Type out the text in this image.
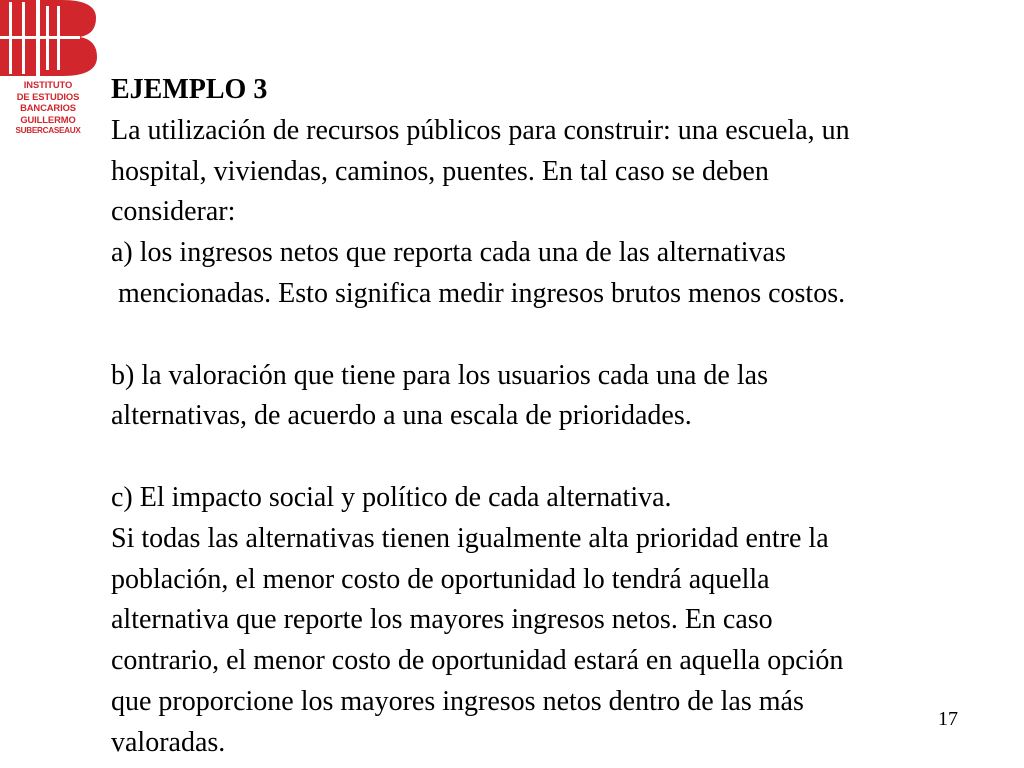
INSTITUTO
DE ESTUDIOS
BANCARIOS
GUILLERMO
SUBERCASEAUX
EJEMPLO 3
La utilización de recursos públicos para construir: una escuela, un
hospital, viviendas, caminos, puentes. En tal caso se deben
considerar:
a) los ingresos netos que reporta cada una de las alternativas
mencionadas. Esto significa medir ingresos brutos menos costos.
b) la valoración que tiene para los usuarios cada una de las
alternativas, de acuerdo a una escala de prioridades.
c) El impacto social y político de cada alternativa.
Si todas las alternativas tienen igualmente alta prioridad entre la
población, el menor costo de oportunidad lo tendrá aquella
alternativa que reporte los mayores ingresos netos. En caso
contrario, el menor costo de oportunidad estará en aquella opción
que proporcione los mayores ingresos netos dentro de las más
valoradas.
17
